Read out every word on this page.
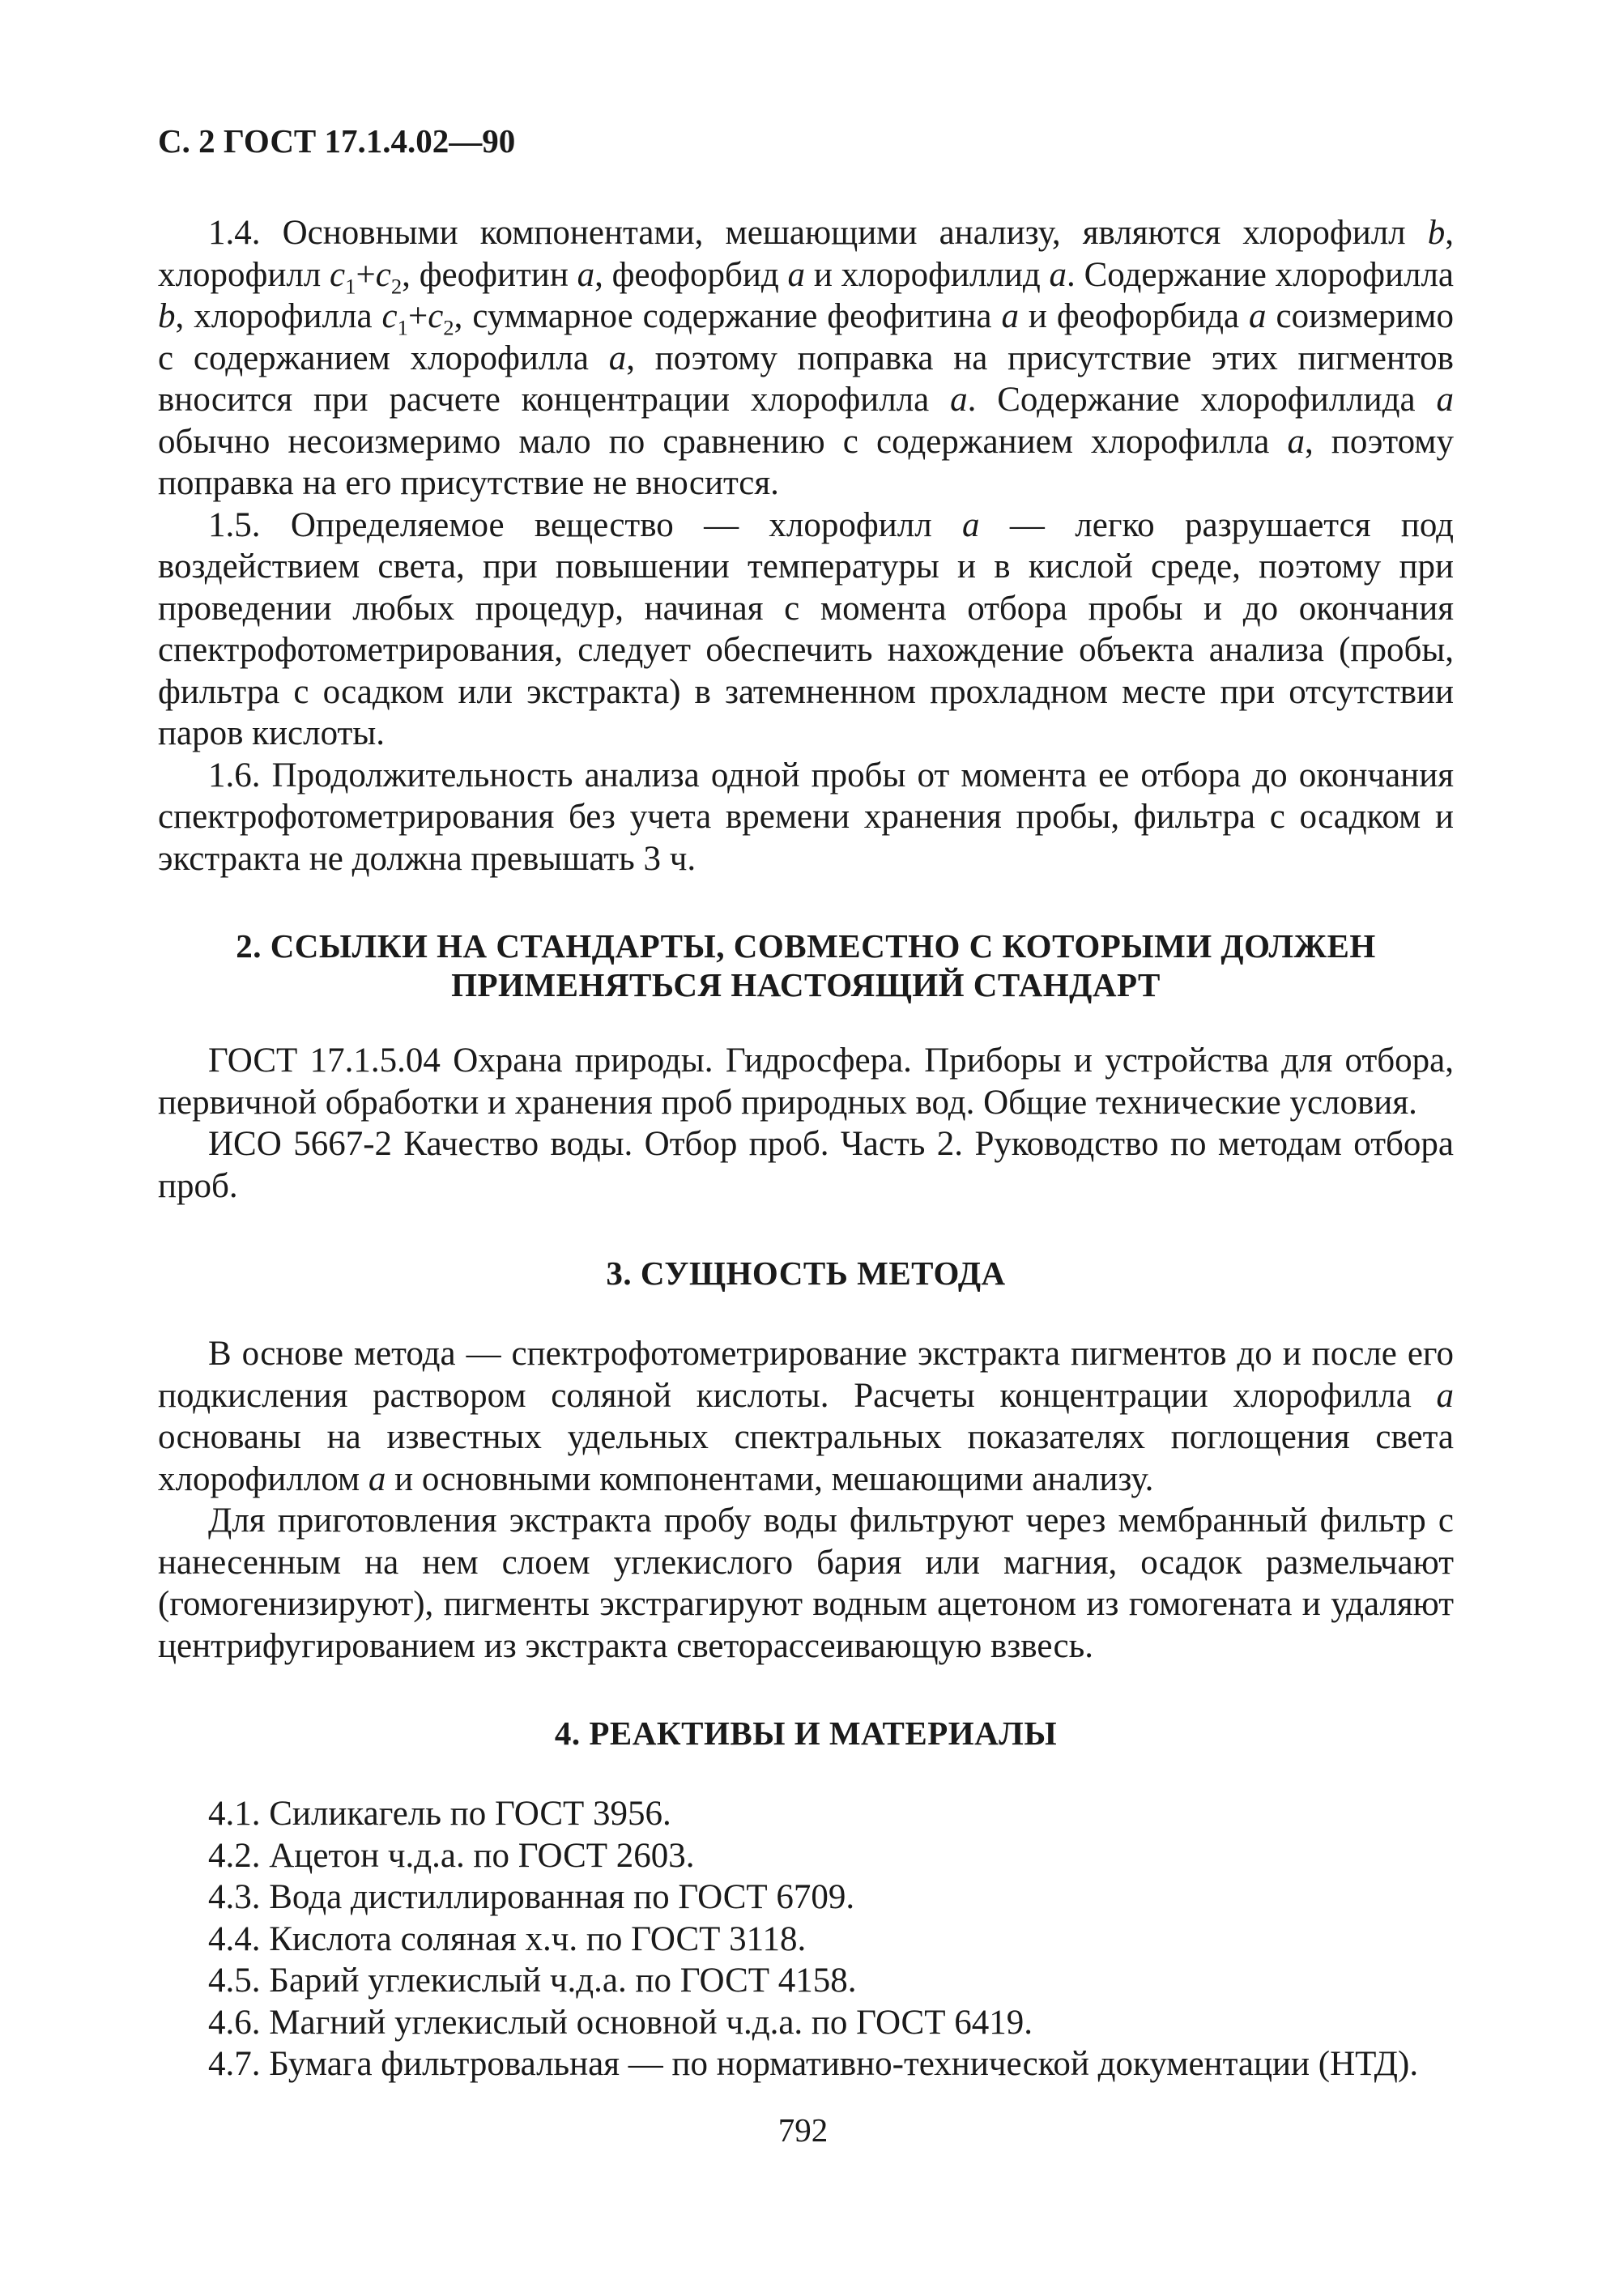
С. 2 ГОСТ 17.1.4.02—90

1.4. Основными компонентами, мешающими анализу, являются хлорофилл b, хлорофилл $c_1+c_2$, феофитин a, феофорбид a и хлорофиллид a. Содержание хлорофилла b, хлорофилла $c_1+c_2$, суммарное содержание феофитина a и феофорбида a соизмеримо с содержанием хлорофилла a, поэтому поправка на присутствие этих пигментов вносится при расчете концентрации хлорофилла a. Содержание хлорофиллида a обычно несоизмеримо мало по сравнению с содержанием хлорофилла a, поэтому поправка на его присутствие не вносится.

1.5. Определяемое вещество — хлорофилл a — легко разрушается под воздействием света, при повышении температуры и в кислой среде, поэтому при проведении любых процедур, начиная с момента отбора пробы и до окончания спектрофотометрирования, следует обеспечить нахождение объекта анализа (пробы, фильтра с осадком или экстракта) в затемненном прохладном месте при отсутствии паров кислоты.

1.6. Продолжительность анализа одной пробы от момента ее отбора до окончания спектрофотометрирования без учета времени хранения пробы, фильтра с осадком и экстракта не должна превышать 3 ч.

2. ССЫЛКИ НА СТАНДАРТЫ, СОВМЕСТНО С КОТОРЫМИ ДОЛЖЕН
ПРИМЕНЯТЬСЯ НАСТОЯЩИЙ СТАНДАРТ

ГОСТ 17.1.5.04 Охрана природы. Гидросфера. Приборы и устройства для отбора, первичной обработки и хранения проб природных вод. Общие технические условия.

ИСО 5667-2 Качество воды. Отбор проб. Часть 2. Руководство по методам отбора проб.

3. СУЩНОСТЬ МЕТОДА

В основе метода — спектрофотометрирование экстракта пигментов до и после его подкисления раствором соляной кислоты. Расчеты концентрации хлорофилла a основаны на известных удельных спектральных показателях поглощения света хлорофиллом a и основными компонентами, мешающими анализу.

Для приготовления экстракта пробу воды фильтруют через мембранный фильтр с нанесенным на нем слоем углекислого бария или магния, осадок размельчают (гомогенизируют), пигменты экстрагируют водным ацетоном из гомогената и удаляют центрифугированием из экстракта светорассеивающую взвесь.

4. РЕАКТИВЫ И МАТЕРИАЛЫ

4.1. Силикагель по ГОСТ 3956.

4.2. Ацетон ч.д.а. по ГОСТ 2603.

4.3. Вода дистиллированная по ГОСТ 6709.

4.4. Кислота соляная х.ч. по ГОСТ 3118.

4.5. Барий углекислый ч.д.а. по ГОСТ 4158.

4.6. Магний углекислый основной ч.д.а. по ГОСТ 6419.

4.7. Бумага фильтровальная — по нормативно-технической документации (НТД).

792
